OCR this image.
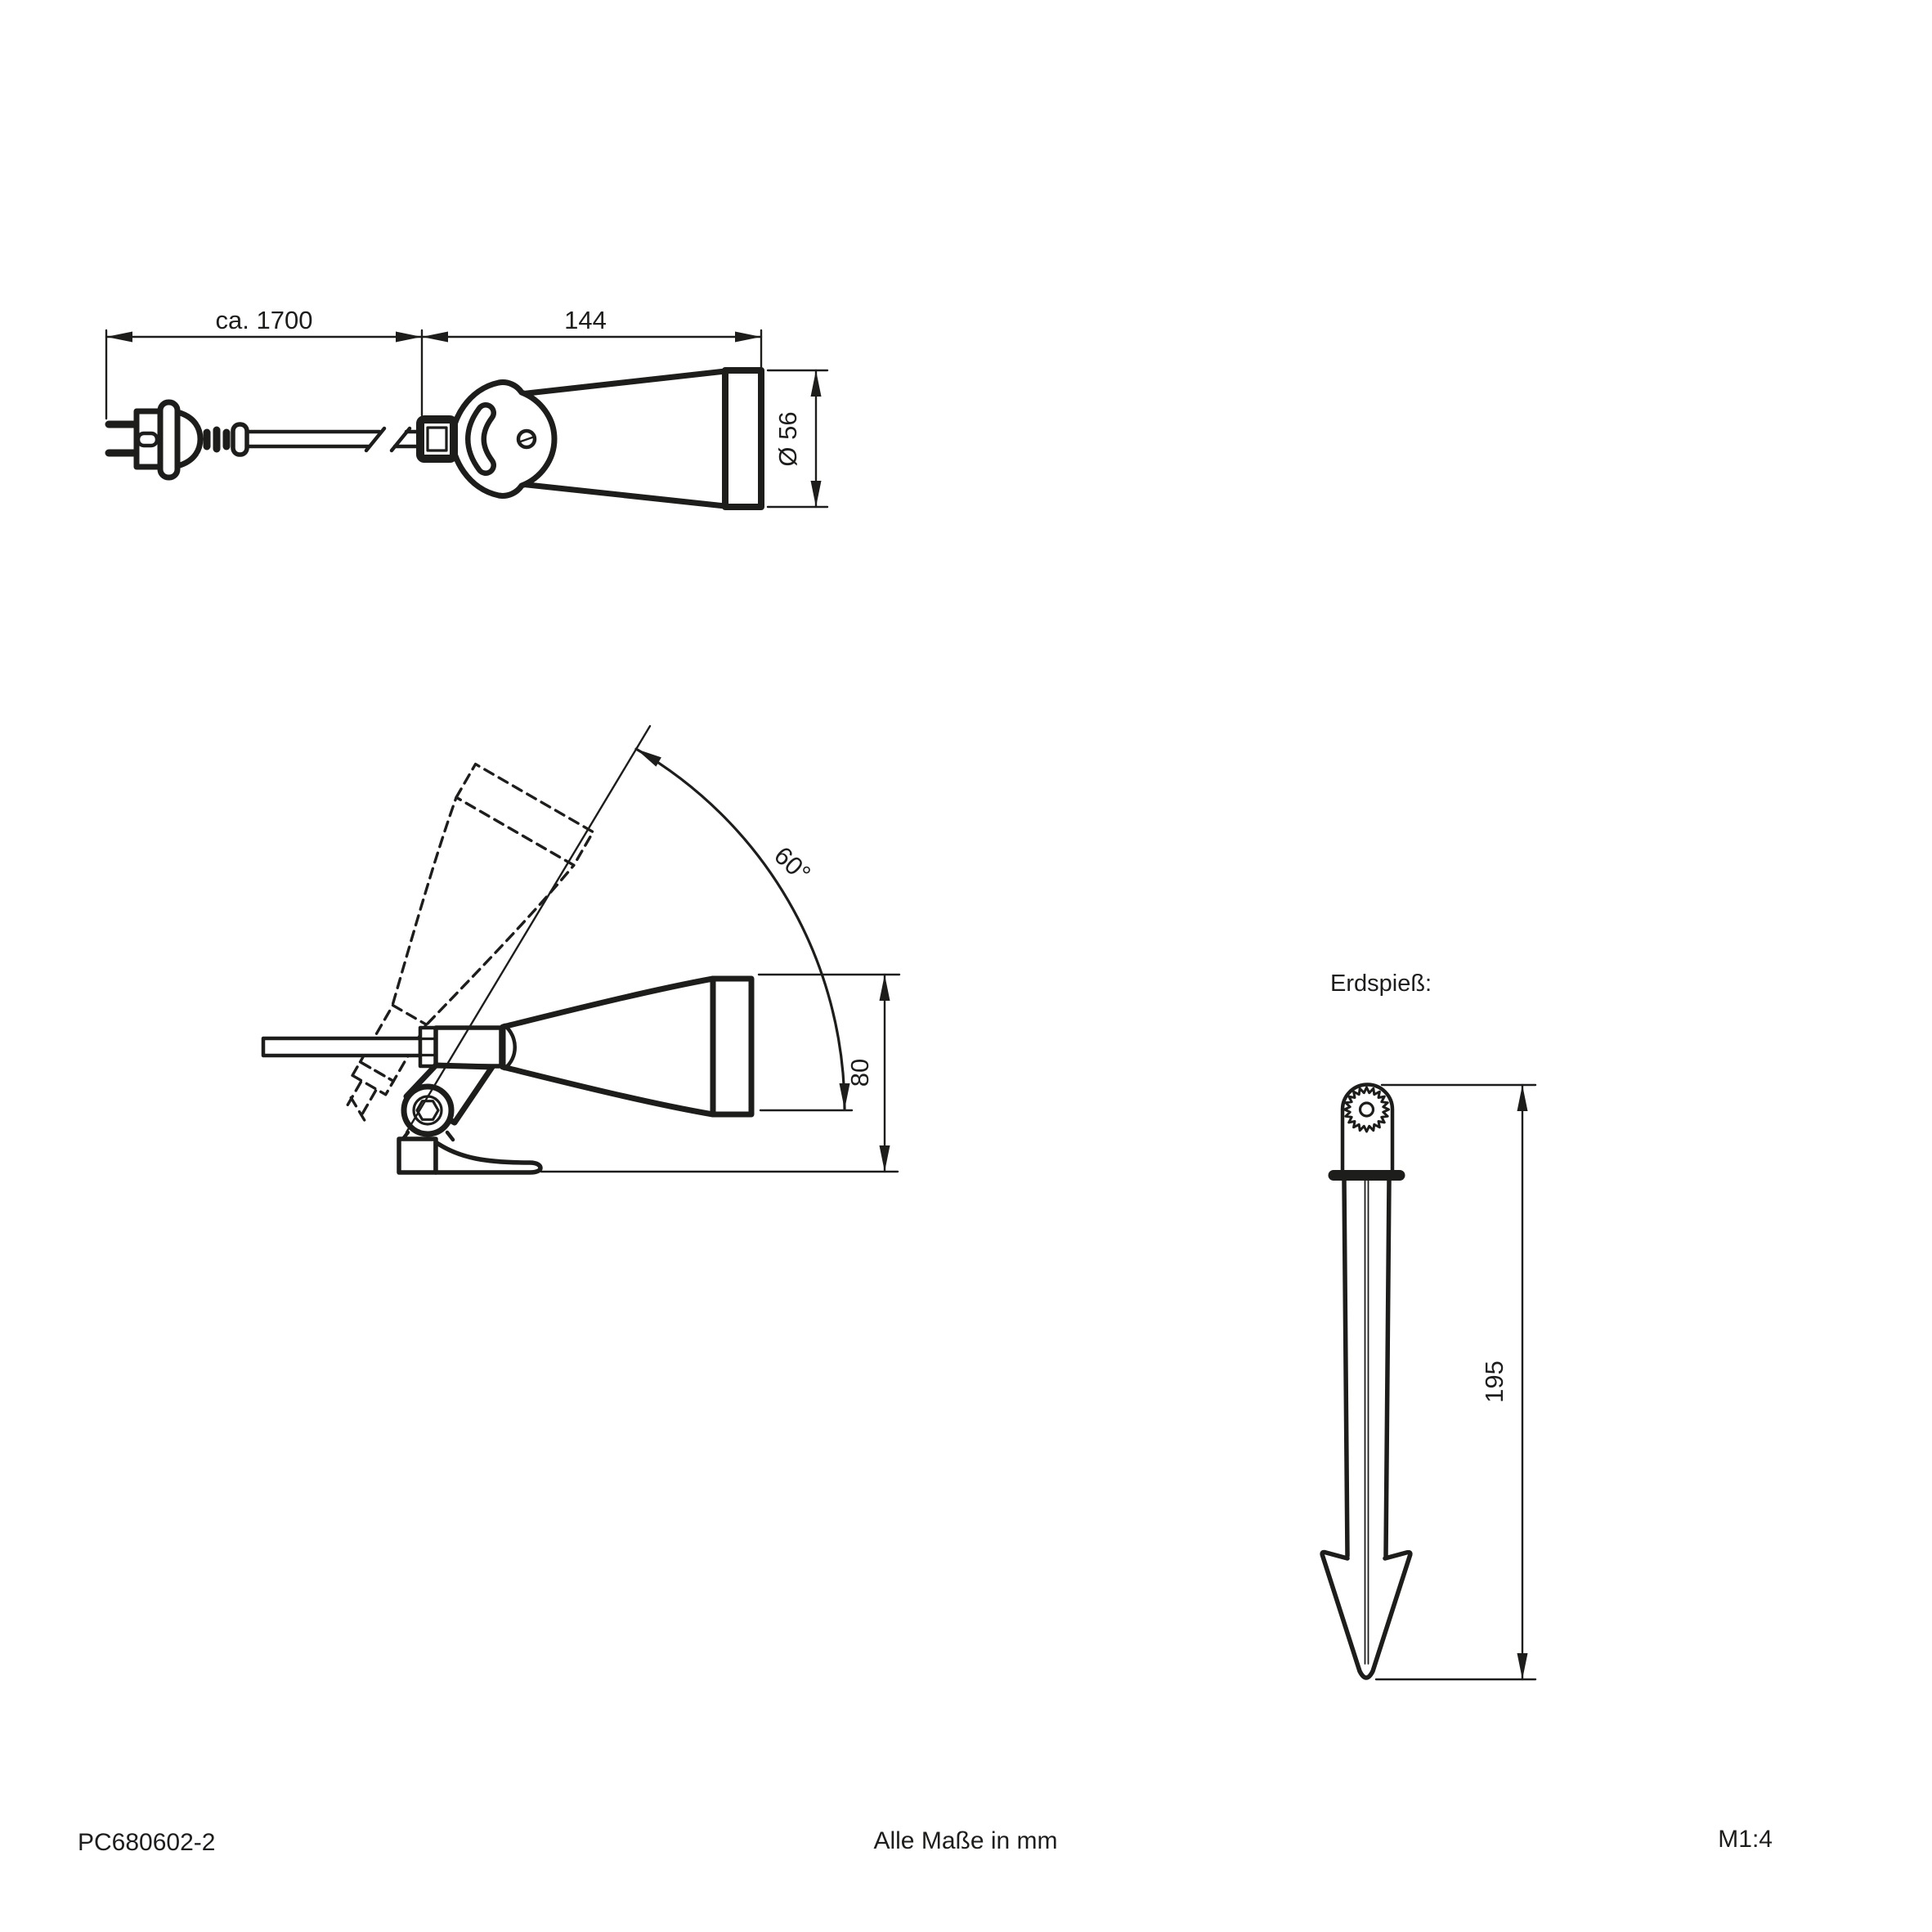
ca. 1700	144
Ø 56
60°
80
Erdspieß:
195
PC680602-2	Alle Maße in mm	M1:4
